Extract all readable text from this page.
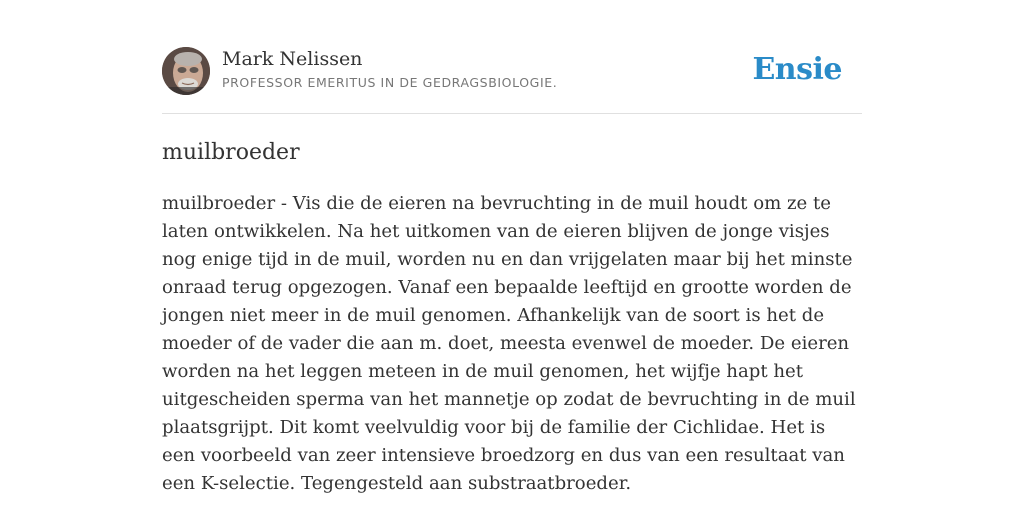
Mark Nelissen
PROFESSOR EMERITUS IN DE GEDRAGSBIOLOGIE.	Ensie
muilbroeder

muilbroeder - Vis die de eieren na bevruchting in de muil houdt om ze te laten ontwikkelen. Na het uitkomen van de eieren blijven de jonge visjes nog enige tijd in de muil, worden nu en dan vrijgelaten maar bij het minste onraad terug opgezogen. Vanaf een bepaalde leeftijd en grootte worden de jongen niet meer in de muil genomen. Afhankelijk van de soort is het de moeder of de vader die aan m. doet, meesta evenwel de moeder. De eieren worden na het leggen meteen in de muil genomen, het wijfje hapt het uitgescheiden sperma van het mannetje op zodat de bevruchting in de muil plaatsgrijpt. Dit komt veelvuldig voor bij de familie der Cichlidae. Het is een voorbeeld van zeer intensieve broedzorg en dus van een resultaat van een K-selectie. Tegengesteld aan substraatbroeder.
